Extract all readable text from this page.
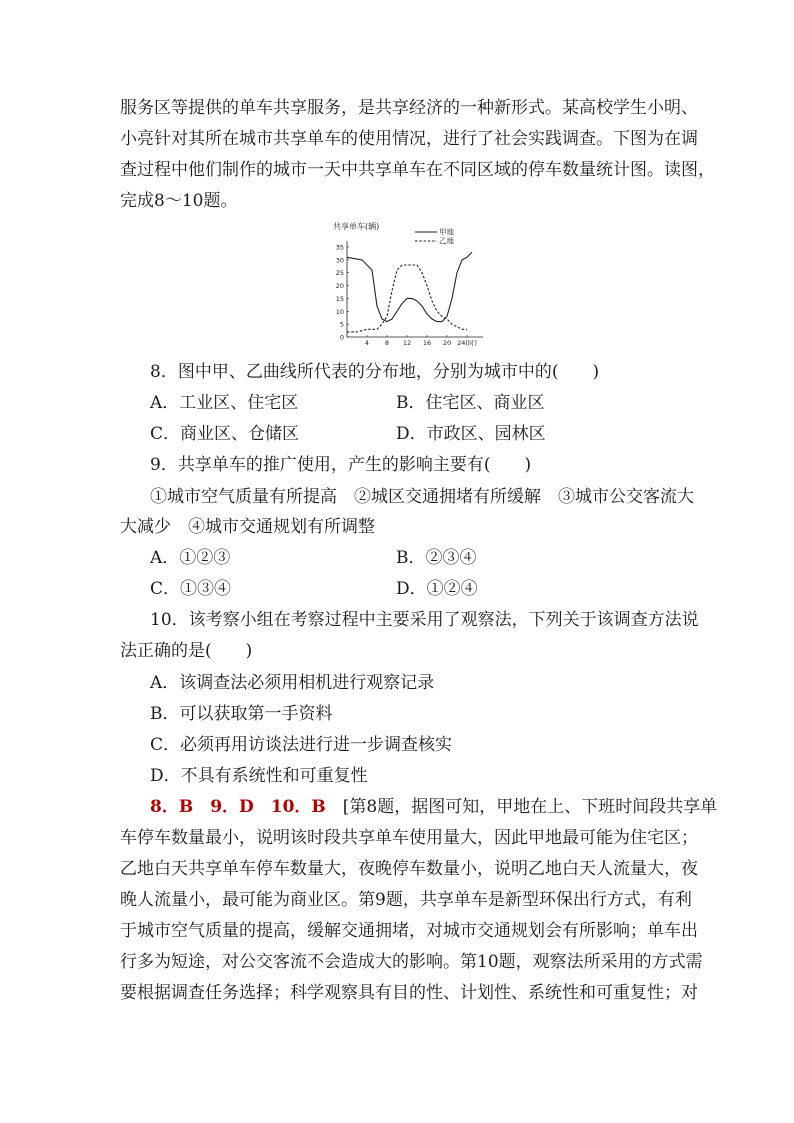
服务区等提供的单车共享服务，是共享经济的一种新形式。某高校学生小明、
小亮针对其所在城市共享单车的使用情况，进行了社会实践调查。下图为在调
查过程中他们制作的城市一天中共享单车在不同区域的停车数量统计图。读图，
完成8～10题。
共享单车(辆)
甲地
乙地
0
5
10
15
20
25
30
35
4 8 12 16 20 24(时)
8．图中甲、乙曲线所代表的分布地，分别为城市中的(　　)
A．工业区、住宅区	B．住宅区、商业区
C．商业区、仓储区	D．市政区、园林区
9．共享单车的推广使用，产生的影响主要有(　　)
①城市空气质量有所提高　②城区交通拥堵有所缓解　③城市公交客流大
大减少　④城市交通规划有所调整
A．①②③	B．②③④
C．①③④	D．①②④
10．该考察小组在考察过程中主要采用了观察法，下列关于该调查方法说
法正确的是(　　)
A．该调查法必须用相机进行观察记录
B．可以获取第一手资料
C．必须再用访谈法进行进一步调查核实
D．不具有系统性和可重复性
8．B　9．D　10．B　[第8题，据图可知，甲地在上、下班时间段共享单
车停车数量最小，说明该时段共享单车使用量大，因此甲地最可能为住宅区；
乙地白天共享单车停车数量大，夜晚停车数量小，说明乙地白天人流量大，夜
晚人流量小，最可能为商业区。第9题，共享单车是新型环保出行方式，有利
于城市空气质量的提高，缓解交通拥堵，对城市交通规划会有所影响；单车出
行多为短途，对公交客流不会造成大的影响。第10题，观察法所采用的方式需
要根据调查任务选择；科学观察具有目的性、计划性、系统性和可重复性；对
